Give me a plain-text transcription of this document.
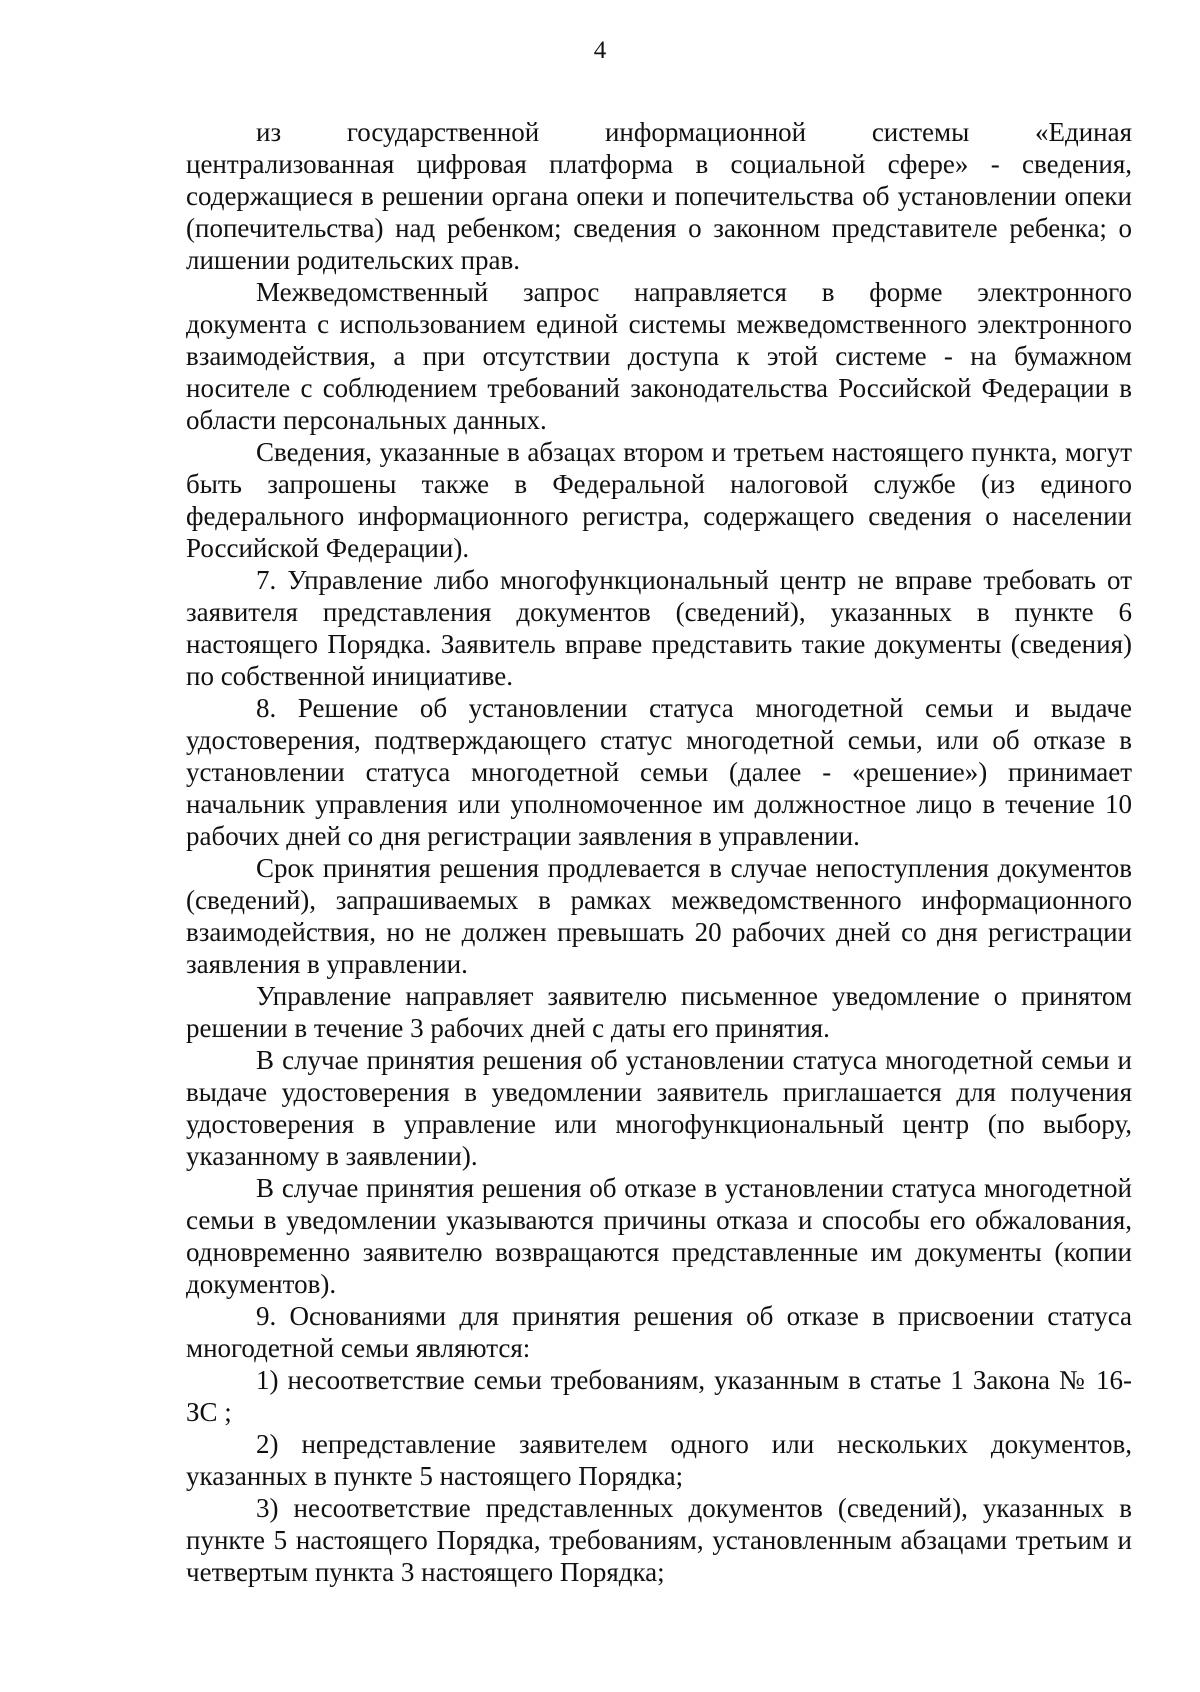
4

из государственной информационной системы «Единая

централизованная цифровая платформа в социальной сфере» - сведения, содержащиеся в решении органа опеки и попечительства об установлении опеки (попечительства) над ребенком; сведения о законном представителе ребенка; о лишении родительских прав.

Межведомственный запрос направляется в форме электронного

документа с использованием единой системы межведомственного электронного взаимодействия, а при отсутствии доступа к этой системе - на бумажном носителе с соблюдением требований законодательства Российской Федерации в области персональных данных.

Сведения, указанные в абзацах втором и третьем настоящего пункта, могут быть запрошены также в Федеральной налоговой службе (из единого федерального информационного регистра, содержащего сведения о населении Российской Федерации).

7. Управление либо многофункциональный центр не вправе требовать от заявителя представления документов (сведений), указанных в пункте 6 настоящего Порядка. Заявитель вправе представить такие документы (сведения) по собственной инициативе.

8. Решение об установлении статуса многодетной семьи и выдаче удостоверения, подтверждающего статус многодетной семьи, или об отказе в установлении статуса многодетной семьи (далее - «решение») принимает начальник управления или уполномоченное им должностное лицо в течение 10 рабочих дней со дня регистрации заявления в управлении.

Срок принятия решения продлевается в случае непоступления документов (сведений), запрашиваемых в рамках межведомственного информационного взаимодействия, но не должен превышать 20 рабочих дней со дня регистрации заявления в управлении.

Управление направляет заявителю письменное уведомление о принятом решении в течение 3 рабочих дней с даты его принятия.

В случае принятия решения об установлении статуса многодетной семьи и выдаче удостоверения в уведомлении заявитель приглашается для получения удостоверения в управление или многофункциональный центр (по выбору, указанному в заявлении).

В случае принятия решения об отказе в установлении статуса многодетной семьи в уведомлении указываются причины отказа и способы его обжалования, одновременно заявителю возвращаются представленные им документы (копии документов).

9. Основаниями для принятия решения об отказе в присвоении статуса многодетной семьи являются:

1) несоответствие семьи требованиям, указанным в статье 1 Закона № 16-ЗС ;

2) непредставление заявителем одного или нескольких документов, указанных в пункте 5 настоящего Порядка;

3) несоответствие представленных документов (сведений), указанных в пункте 5 настоящего Порядка, требованиям, установленным абзацами третьим и четвертым пункта 3 настоящего Порядка;
